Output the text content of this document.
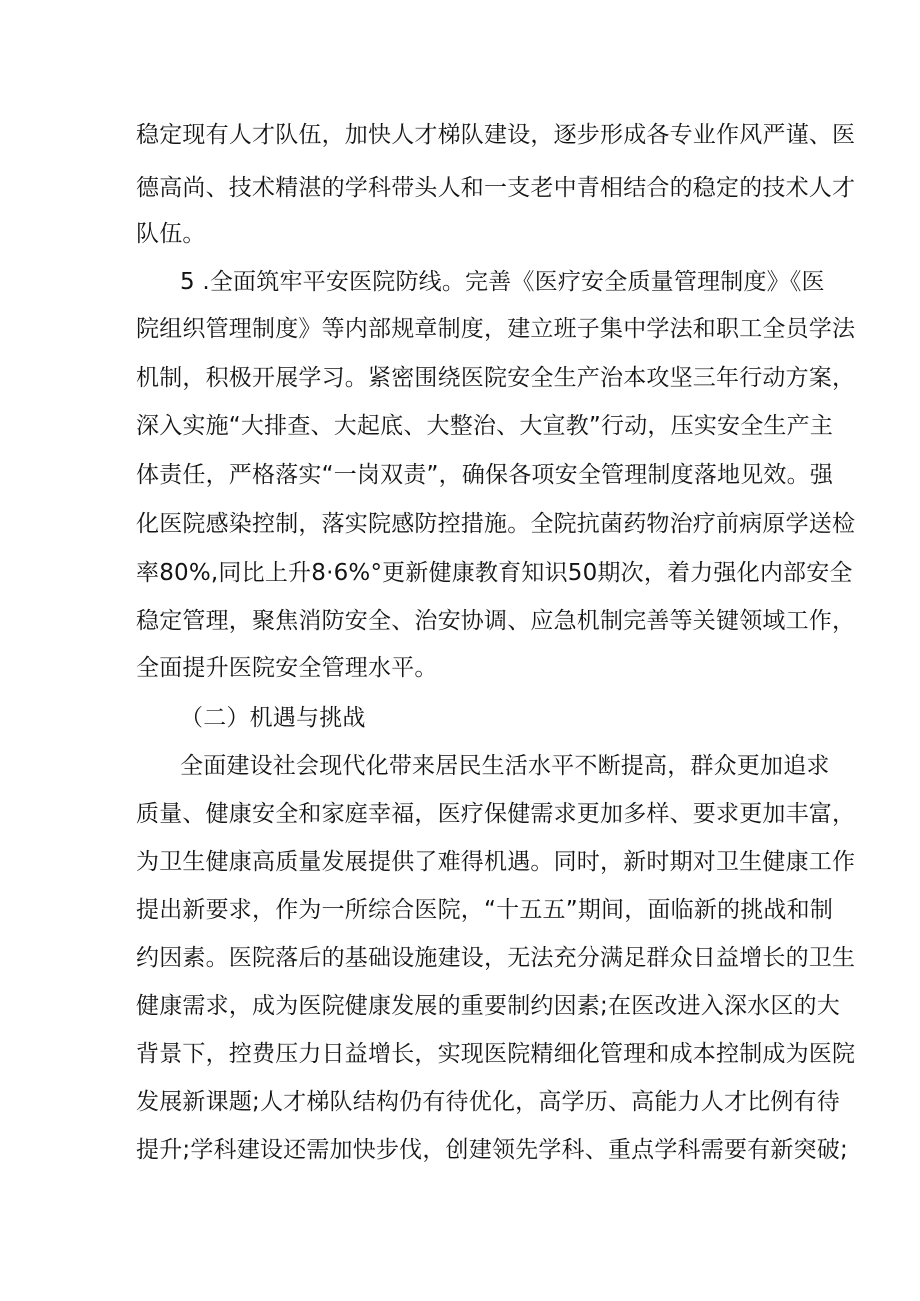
稳定现有人才队伍，加快人才梯队建设，逐步形成各专业作风严谨、医
德高尚、技术精湛的学科带头人和一支老中青相结合的稳定的技术人才
队伍。
5 .全面筑牢平安医院防线。完善《医疗安全质量管理制度》《医
院组织管理制度》等内部规章制度，建立班子集中学法和职工全员学法
机制，积极开展学习。紧密围绕医院安全生产治本攻坚三年行动方案，
深入实施“大排查、大起底、大整治、大宣教”行动，压实安全生产主
体责任，严格落实“一岗双责”，确保各项安全管理制度落地见效。强
化医院感染控制，落实院感防控措施。全院抗菌药物治疗前病原学送检
率80%,同比上升8·6%°更新健康教育知识50期次，着力强化内部安全
稳定管理，聚焦消防安全、治安协调、应急机制完善等关键领域工作，
全面提升医院安全管理水平。
（二）机遇与挑战
全面建设社会现代化带来居民生活水平不断提高，群众更加追求
质量、健康安全和家庭幸福，医疗保健需求更加多样、要求更加丰富，
为卫生健康高质量发展提供了难得机遇。同时，新时期对卫生健康工作
提出新要求，作为一所综合医院，“十五五”期间，面临新的挑战和制
约因素。医院落后的基础设施建设，无法充分满足群众日益增长的卫生
健康需求，成为医院健康发展的重要制约因素;在医改进入深水区的大
背景下，控费压力日益增长，实现医院精细化管理和成本控制成为医院
发展新课题;人才梯队结构仍有待优化，高学历、高能力人才比例有待
提升;学科建设还需加快步伐，创建领先学科、重点学科需要有新突破;
